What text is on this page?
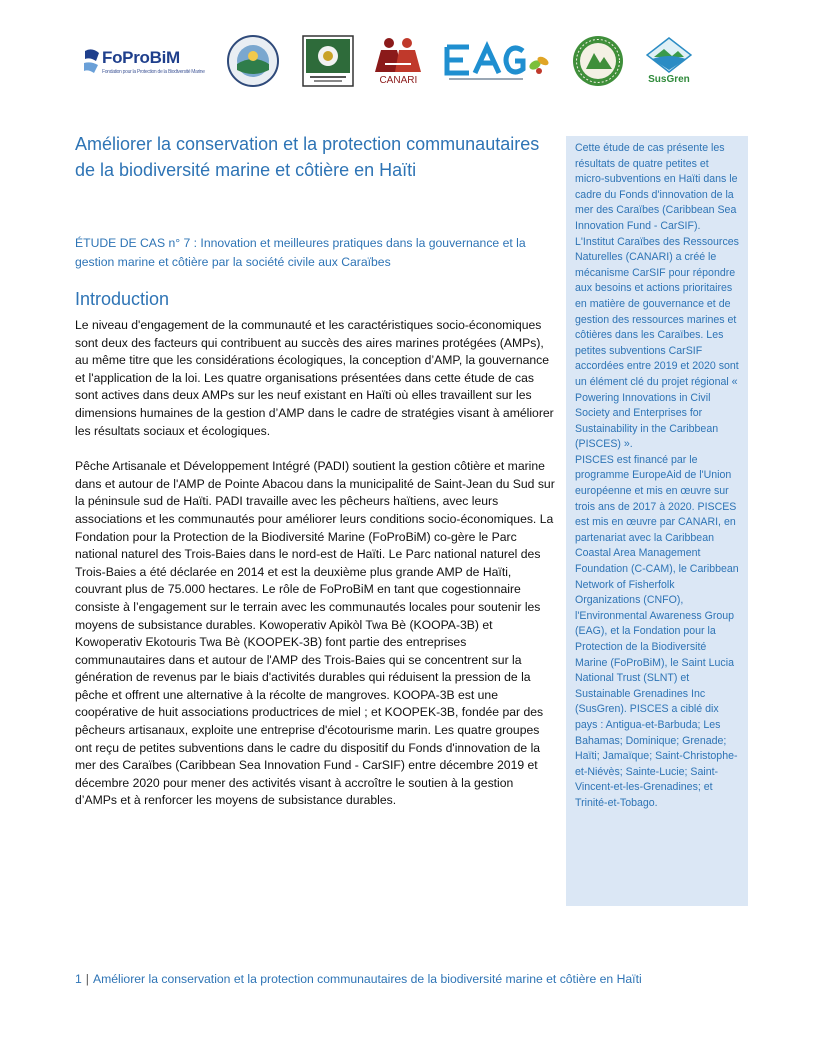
FoProBiM
Fondation pour la Protection de la Biodiversité Marine
CANARI	SusGren
Améliorer la conservation et la protection communautaires de la biodiversité marine et côtière en Haïti

ÉTUDE DE CAS n° 7 : Innovation et meilleures pratiques dans la gouvernance et la gestion marine et côtière par la société civile aux Caraïbes

Introduction

Le niveau d'engagement de la communauté et les caractéristiques socio-économiques sont deux des facteurs qui contribuent au succès des aires marines protégées (AMPs), au même titre que les considérations écologiques, la conception d’AMP, la gouvernance et l'application de la loi. Les quatre organisations présentées dans cette étude de cas sont actives dans deux AMPs sur les neuf existant en Haïti où elles travaillent sur les dimensions humaines de la gestion d’AMP dans le cadre de stratégies visant à améliorer les résultats sociaux et écologiques.

Pêche Artisanale et Développement Intégré (PADI) soutient la gestion côtière et marine dans et autour de l'AMP de Pointe Abacou dans la municipalité de Saint-Jean du Sud sur la péninsule sud de Haïti. PADI travaille avec les pêcheurs haïtiens, avec leurs associations et les communautés pour améliorer leurs conditions socio-économiques. La Fondation pour la Protection de la Biodiversité Marine (FoProBiM) co-gère le Parc national naturel des Trois-Baies dans le nord-est de Haïti. Le Parc national naturel des Trois-Baies a été déclarée en 2014 et est la deuxième plus grande AMP de Haïti, couvrant plus de 75.000 hectares. Le rôle de FoProBiM en tant que cogestionnaire consiste à l’engagement sur le terrain avec les communautés locales pour soutenir les moyens de subsistance durables. Kowoperativ Apikòl Twa Bè (KOOPA-3B) et Kowoperativ Ekotouris Twa Bè (KOOPEK-3B) font partie des entreprises communautaires dans et autour de l'AMP des Trois-Baies qui se concentrent sur la génération de revenus par le biais d'activités durables qui réduisent la pression de la pêche et offrent une alternative à la récolte de mangroves. KOOPA-3B est une coopérative de huit associations productrices de miel ; et KOOPEK-3B, fondée par des pêcheurs artisanaux, exploite une entreprise d'écotourisme marin. Les quatre groupes ont reçu de petites subventions dans le cadre du dispositif du Fonds d'innovation de la mer des Caraïbes (Caribbean Sea Innovation Fund - CarSIF) entre décembre 2019 et décembre 2020 pour mener des activités visant à accroître le soutien à la gestion d’AMPs et à renforcer les moyens de subsistance durables.

Cette étude de cas présente les résultats de quatre petites et micro-subventions en Haïti dans le cadre du Fonds d'innovation de la mer des Caraïbes (Caribbean Sea Innovation Fund - CarSIF). L'Institut Caraïbes des Ressources Naturelles (CANARI) a créé le mécanisme CarSIF pour répondre aux besoins et actions prioritaires en matière de gouvernance et de gestion des ressources marines et côtières dans les Caraïbes. Les petites subventions CarSIF accordées entre 2019 et 2020 sont un élément clé du projet régional « Powering Innovations in Civil Society and Enterprises for Sustainability in the Caribbean (PISCES) ».

PISCES est financé par le programme EuropeAid de l'Union européenne et mis en œuvre sur trois ans de 2017 à 2020. PISCES est mis en œuvre par CANARI, en partenariat avec la Caribbean Coastal Area Management Foundation (C-CAM), le Caribbean Network of Fisherfolk Organizations (CNFO), l'Environmental Awareness Group (EAG), et la Fondation pour la Protection de la Biodiversité Marine (FoProBiM), le Saint Lucia National Trust (SLNT) et Sustainable Grenadines Inc (SusGren). PISCES a ciblé dix pays : Antigua-et-Barbuda; Les Bahamas; Dominique; Grenade; Haïti; Jamaïque; Saint-Christophe-et-Niévès; Sainte-Lucie; Saint-Vincent-et-les-Grenadines; et Trinité-et-Tobago.

1 | Améliorer la conservation et la protection communautaires de la biodiversité marine et côtière en Haïti
